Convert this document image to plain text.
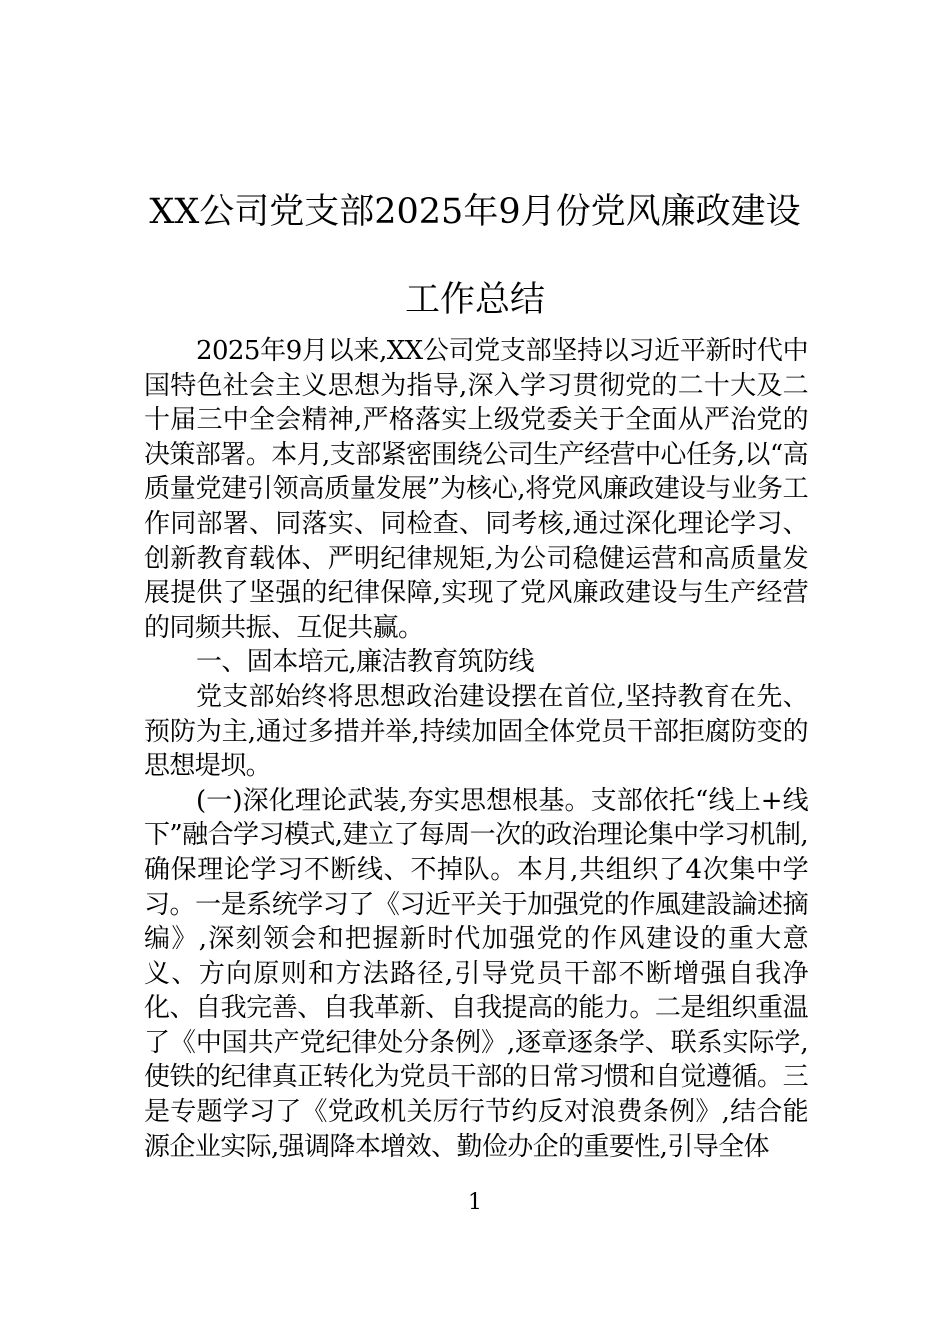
XX公司党支部2025年9月份党风廉政建设工作总结

2025年9月以来,XX公司党支部坚持以习近平新时代中国特色社会主义思想为指导,深入学习贯彻党的二十大及二十届三中全会精神,严格落实上级党委关于全面从严治党的决策部署。本月,支部紧密围绕公司生产经营中心任务,以“高质量党建引领高质量发展”为核心,将党风廉政建设与业务工作同部署、同落实、同检查、同考核,通过深化理论学习、创新教育载体、严明纪律规矩,为公司稳健运营和高质量发展提供了坚强的纪律保障,实现了党风廉政建设与生产经营的同频共振、互促共赢。

一、固本培元,廉洁教育筑防线

党支部始终将思想政治建设摆在首位,坚持教育在先、预防为主,通过多措并举,持续加固全体党员干部拒腐防变的思想堤坝。

(一)深化理论武装,夯实思想根基。支部依托“线上+线下”融合学习模式,建立了每周一次的政治理论集中学习机制,确保理论学习不断线、不掉队。本月,共组织了4次集中学习。一是系统学习了《习近平关于加强党的作風建設論述摘编》,深刻领会和把握新时代加强党的作风建设的重大意义、方向原则和方法路径,引导党员干部不断增强自我净化、自我完善、自我革新、自我提高的能力。二是组织重温了《中国共产党纪律处分条例》,逐章逐条学、联系实际学,使铁的纪律真正转化为党员干部的日常习惯和自觉遵循。三是专题学习了《党政机关厉行节约反对浪费条例》,结合能源企业实际,强调降本增效、勤俭办企的重要性,引导全体

1
